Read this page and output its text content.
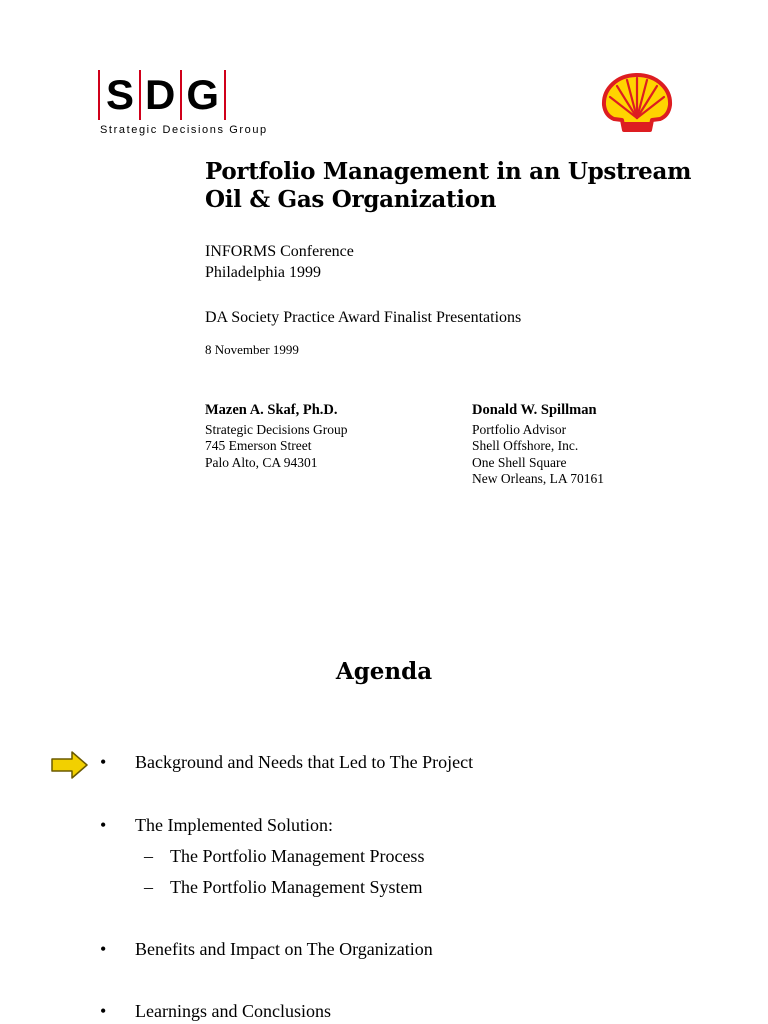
S D G
Strategic Decisions Group
Portfolio Management in an Upstream
Oil & Gas Organization
INFORMS Conference
Philadelphia 1999
DA Society Practice Award Finalist Presentations
8 November 1999
Mazen A. Skaf, Ph.D.
Strategic Decisions Group
745 Emerson Street
Palo Alto, CA 94301
Donald W. Spillman
Portfolio Advisor
Shell Offshore, Inc.
One Shell Square
New Orleans, LA 70161
Agenda
•	Background and Needs that Led to The Project
•	The Implemented Solution:
– The Portfolio Management Process
– The Portfolio Management System
•	Benefits and Impact on The Organization
•	Learnings and Conclusions
